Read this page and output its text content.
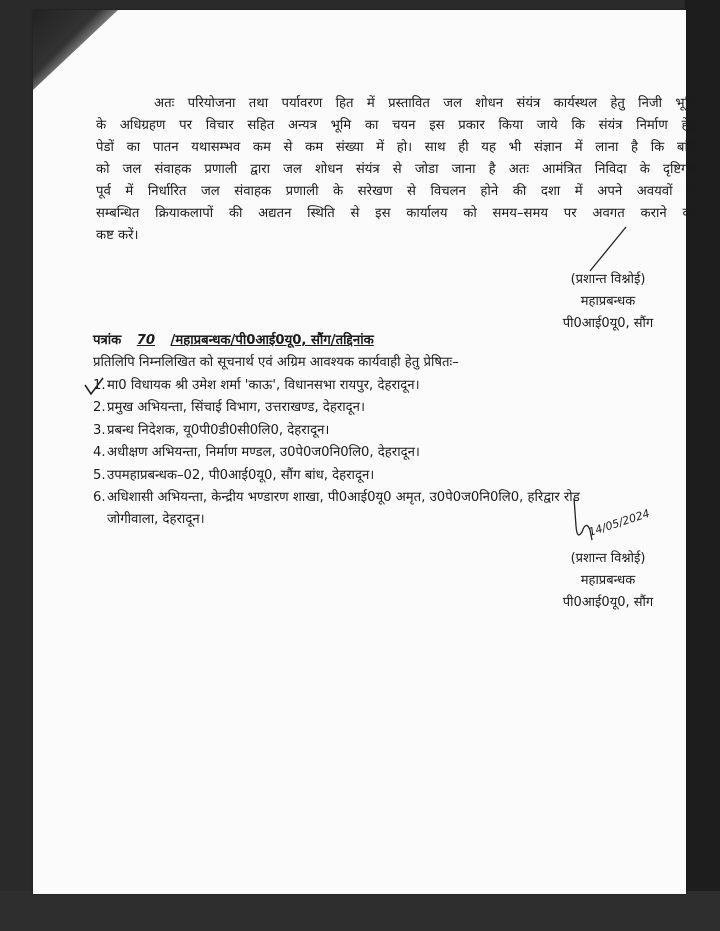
अतः परियोजना तथा पर्यावरण हित में प्रस्तावित जल शोधन संयंत्र कार्यस्थल हेतु निजी भूमि
के अधिग्रहण पर विचार सहित अन्यत्र भूमि का चयन इस प्रकार किया जाये कि संयंत्र निर्माण हेतु
पेडों का पातन यथासम्भव कम से कम संख्या में हो। साथ ही यह भी संज्ञान में लाना है कि बांध
को जल संवाहक प्रणाली द्वारा जल शोधन संयंत्र से जोडा जाना है अतः आमंत्रित निविदा के दृष्टिगत
पूर्व में निर्धारित जल संवाहक प्रणाली के सरेखण से विचलन होने की दशा में अपने अवयवों से
सम्बन्धित क्रियाकलापों की अद्यतन स्थिति से इस कार्यालय को समय–समय पर अवगत कराने का
कष्ट करें।
(प्रशान्त विश्नोई)
महाप्रबन्धक
पी0आई0यू0, सौंग
पत्रांक 70 /महाप्रबन्धक/पी0आई0यू0, सौंग/तद्दिनांक
प्रतिलिपि निम्नलिखित को सूचनार्थ एवं अग्रिम आवश्यक कार्यवाही हेतु प्रेषितः–
1. मा0 विधायक श्री उमेश शर्मा 'काऊ', विधानसभा रायपुर, देहरादून।
2. प्रमुख अभियन्ता, सिंचाई विभाग, उत्तराखण्ड, देहरादून।
3. प्रबन्ध निदेशक, यू0पी0डी0सी0लि0, देहरादून।
4. अधीक्षण अभियन्ता, निर्माण मण्डल, उ0पे0ज0नि0लि0, देहरादून।
5. उपमहाप्रबन्धक–02, पी0आई0यू0, सौंग बांध, देहरादून।
6. अधिशासी अभियन्ता, केन्द्रीय भण्डारण शाखा, पी0आई0यू0 अमृत, उ0पे0ज0नि0लि0, हरिद्वार रोड
जोगीवाला, देहरादून।	14/05/2024
(प्रशान्त विश्नोई)
महाप्रबन्धक
पी0आई0यू0, सौंग
